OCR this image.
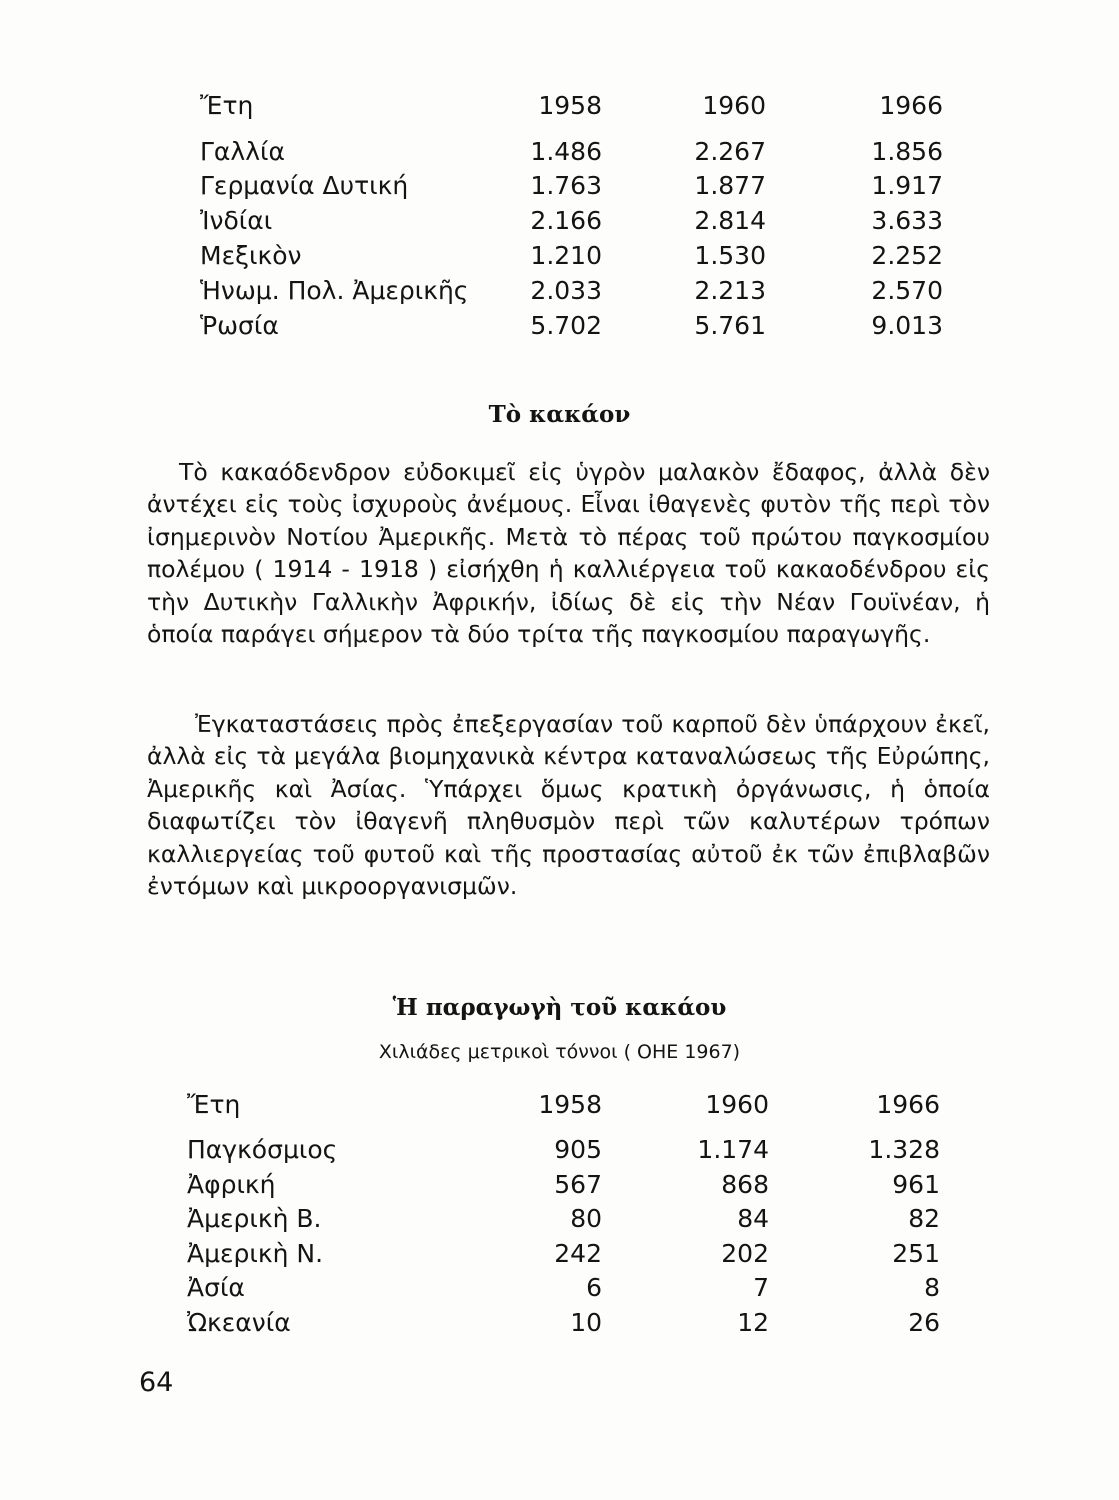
Ἔτη	1958	1960	1966
Γαλλία	1.486	2.267	1.856
Γερμανία Δυτική	1.763	1.877	1.917
Ἰνδίαι	2.166	2.814	3.633
Μεξικὸν	1.210	1.530	2.252
Ἡνωμ. Πολ. Ἀμερικῆς 2.033	2.213	2.570
Ῥωσία	5.702	5.761	9.013
Τὸ κακάον

Τὸ κακαόδενδρον εὐδοκιμεῖ εἰς ὑγρὸν μαλακὸν ἔδαφος, ἀλλὰ δὲν ἀντέχει εἰς τοὺς ἰσχυροὺς ἀνέμους. Εἶναι ἰθαγενὲς φυτὸν τῆς περὶ τὸν ἰσημερινὸν Νοτίου Ἀμερικῆς. Μετὰ τὸ πέρας τοῦ πρώτου παγκοσμίου πολέμου ( 1914 - 1918 ) εἰσήχθη ἡ καλλιέργεια τοῦ κακαοδένδρου εἰς τὴν Δυτικὴν Γαλλικὴν Ἀφρικήν, ἰδίως δὲ εἰς τὴν Νέαν Γουϊνέαν, ἡ ὁποία παράγει σήμερον τὰ δύο τρίτα τῆς παγκοσμίου παραγωγῆς.

Ἐγκαταστάσεις πρὸς ἐπεξεργασίαν τοῦ καρποῦ δὲν ὑπάρχουν ἐκεῖ, ἀλλὰ εἰς τὰ μεγάλα βιομηχανικὰ κέντρα καταναλώσεως τῆς Εὐρώπης, Ἀμερικῆς καὶ Ἀσίας. Ὑπάρχει ὅμως κρατικὴ ὀργάνωσις, ἡ ὁποία διαφωτίζει τὸν ἰθαγενῆ πληθυσμὸν περὶ τῶν καλυτέρων τρόπων καλλιεργείας τοῦ φυτοῦ καὶ τῆς προστασίας αὐτοῦ ἐκ τῶν ἐπιβλαβῶν ἐντόμων καὶ μικροοργανισμῶν.

Ἡ παραγωγὴ τοῦ κακάου
Χιλιάδες μετρικοὶ τόννοι ( ΟΗΕ 1967)
Ἔτη	1958	1960	1966
Παγκόσμιος	905	1.174	1.328
Ἀφρική	567	868	961
Ἀμερικὴ Β.	80	84	82
Ἀμερικὴ Ν.	242	202	251
Ἀσία	6	7	8
Ὠκεανία	10	12	26
64
